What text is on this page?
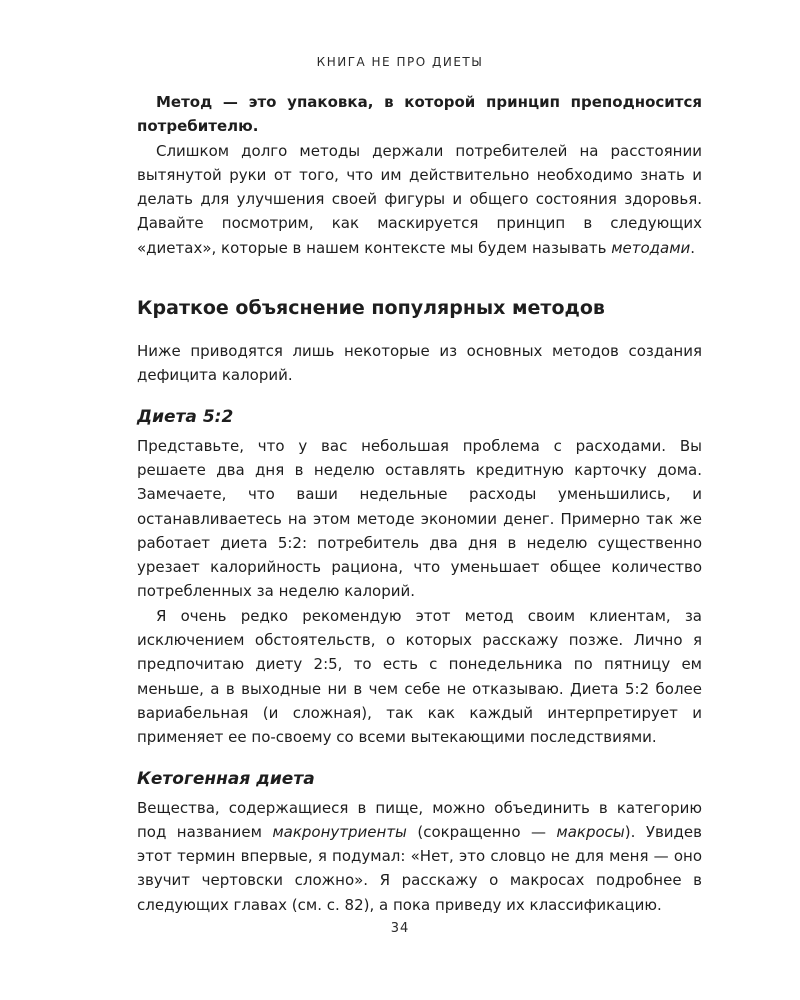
КНИГА НЕ ПРО ДИЕТЫ

Метод — это упаковка, в которой принцип преподносится потребителю.

Слишком долго методы держали потребителей на расстоянии вытянутой руки от того, что им действительно необходимо знать и делать для улучшения своей фигуры и общего состояния здоровья. Давайте посмотрим, как маскируется принцип в следующих «диетах», которые в нашем контексте мы будем называть методами.

Краткое объяснение популярных методов

Ниже приводятся лишь некоторые из основных методов создания дефицита калорий.

Диета 5:2

Представьте, что у вас небольшая проблема с расходами. Вы решаете два дня в неделю оставлять кредитную карточку дома. Замечаете, что ваши недельные расходы уменьшились, и останавливаетесь на этом методе экономии денег. Примерно так же работает диета 5:2: потребитель два дня в неделю существенно урезает калорийность рациона, что уменьшает общее количество потребленных за неделю калорий.

Я очень редко рекомендую этот метод своим клиентам, за исключением обстоятельств, о которых расскажу позже. Лично я предпочитаю диету 2:5, то есть с понедельника по пятницу ем меньше, а в выходные ни в чем себе не отказываю. Диета 5:2 более вариабельная (и сложная), так как каждый интерпретирует и применяет ее по-своему со всеми вытекающими последствиями.

Кетогенная диета

Вещества, содержащиеся в пище, можно объединить в категорию под названием макронутриенты (сокращенно — макросы). Увидев этот термин впервые, я подумал: «Нет, это словцо не для меня — оно звучит чертовски сложно». Я расскажу о макросах подробнее в следующих главах (см. с. 82), а пока приведу их классификацию.

34
